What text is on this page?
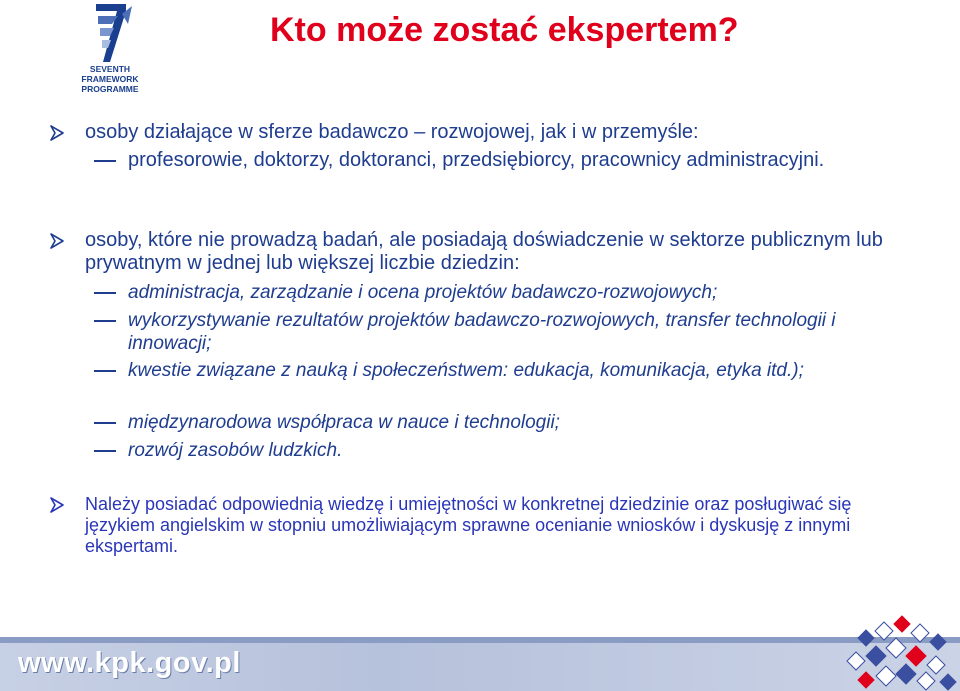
SEVENTH FRAMEWORK
PROGRAMME
Kto może zostać ekspertem?
osoby działające w sferze badawczo – rozwojowej, jak i w przemyśle:
profesorowie, doktorzy, doktoranci, przedsiębiorcy, pracownicy administracyjni.
osoby, które nie prowadzą badań, ale posiadają doświadczenie w sektorze publicznym lub prywatnym w jednej lub większej liczbie dziedzin:
administracja, zarządzanie i ocena projektów badawczo-rozwojowych;
wykorzystywanie rezultatów projektów badawczo-rozwojowych, transfer technologii i innowacji;
kwestie związane z nauką i społeczeństwem: edukacja, komunikacja, etyka itd.);
międzynarodowa współpraca w nauce i technologii;
rozwój zasobów ludzkich.
Należy posiadać odpowiednią wiedzę i umiejętności w konkretnej dziedzinie oraz posługiwać się językiem angielskim w stopniu umożliwiającym sprawne ocenianie wniosków i dyskusję z innymi ekspertami.
www.kpk.gov.pl
